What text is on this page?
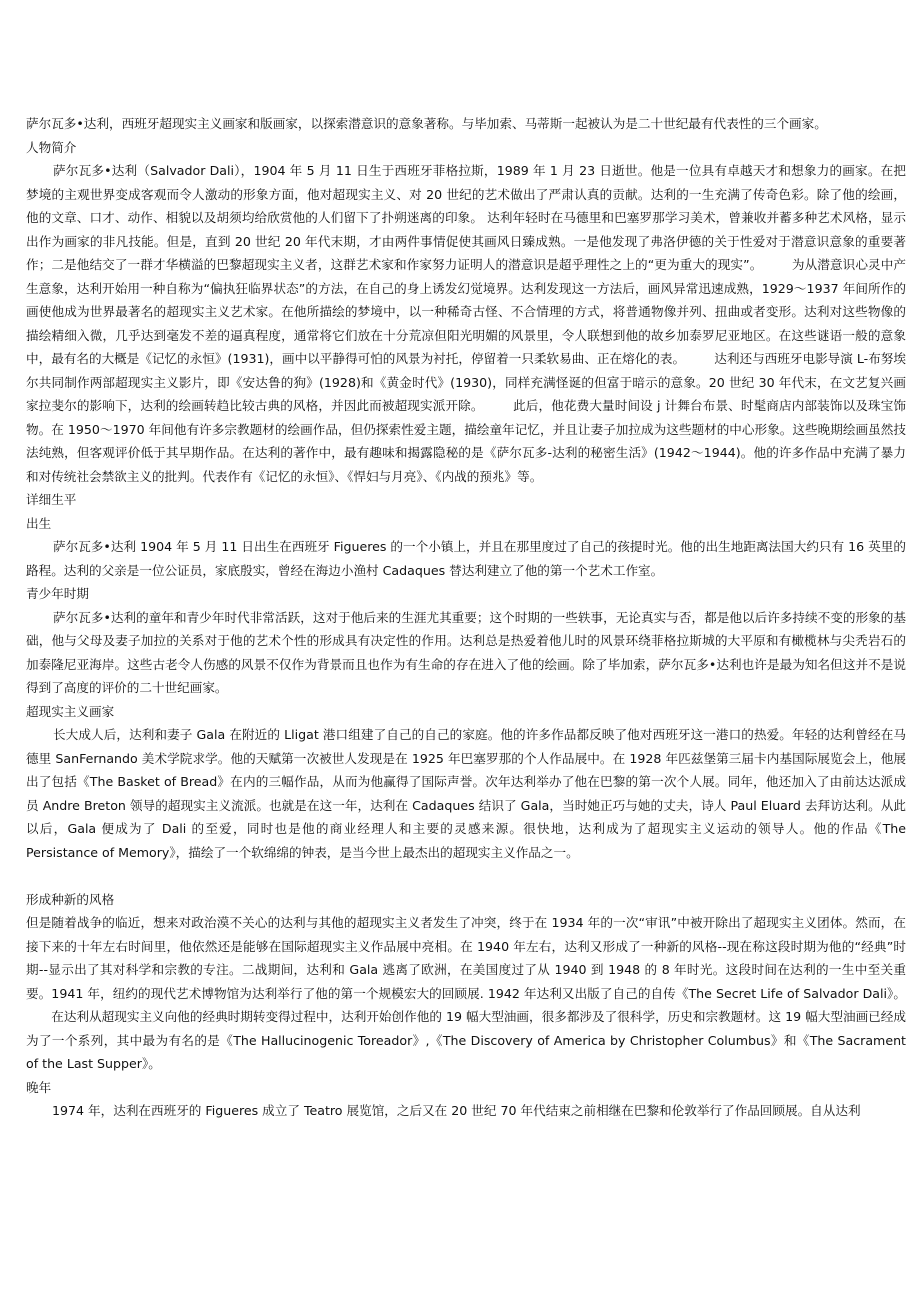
萨尔瓦多•达利，西班牙超现实主义画家和版画家，以探索潜意识的意象著称。与毕加索、马蒂斯一起被认为是二十世纪最有代表性的三个画家。

人物简介

萨尔瓦多•达利（Salvador Dali），1904 年 5 月 11 日生于西班牙菲格拉斯，1989 年 1 月 23 日逝世。他是一位具有卓越天才和想象力的画家。在把梦境的主观世界变成客观而令人激动的形象方面，他对超现实主义、对 20 世纪的艺术做出了严肃认真的贡献。达利的一生充满了传奇色彩。除了他的绘画，他的文章、口才、动作、相貌以及胡须均给欣赏他的人们留下了扑朔迷离的印象。 达利年轻时在马德里和巴塞罗那学习美术，曾兼收并蓄多种艺术风格，显示出作为画家的非凡技能。但是，直到 20 世纪 20 年代末期，才由两件事情促使其画风日臻成熟。一是他发现了弗洛伊德的关于性爱对于潜意识意象的重要著作；二是他结交了一群才华横溢的巴黎超现实主义者，这群艺术家和作家努力证明人的潜意识是超乎理性之上的“更为重大的现实”。 　　为从潜意识心灵中产生意象，达利开始用一种自称为“偏执狂临界状态”的方法，在自己的身上诱发幻觉境界。达利发现这一方法后，画风异常迅速成熟，1929～1937 年间所作的画使他成为世界最著名的超现实主义艺术家。在他所描绘的梦境中，以一种稀奇古怪、不合情理的方式，将普通物像并列、扭曲或者变形。达利对这些物像的描绘精细入微，几乎达到毫发不差的逼真程度，通常将它们放在十分荒凉但阳光明媚的风景里，令人联想到他的故乡加泰罗尼亚地区。在这些谜语一般的意象中，最有名的大概是《记忆的永恒》(1931)，画中以平静得可怕的风景为衬托，停留着一只柔软易曲、正在熔化的表。 　　达利还与西班牙电影导演 L-布努埃尔共同制作两部超现实主义影片，即《安达鲁的狗》(1928)和《黄金时代》(1930)，同样充满怪诞的但富于暗示的意象。20 世纪 30 年代末，在文艺复兴画家拉斐尔的影响下，达利的绘画转趋比较古典的风格，并因此而被超现实派开除。 　　此后，他花费大量时间设 j 计舞台布景、时髦商店内部装饰以及珠宝饰物。在 1950～1970 年间他有许多宗教题材的绘画作品，但仍探索性爱主题，描绘童年记忆，并且让妻子加拉成为这些题材的中心形象。这些晚期绘画虽然技法纯熟，但客观评价低于其早期作品。在达利的著作中，最有趣味和揭露隐秘的是《萨尔瓦多-达利的秘密生活》(1942～1944)。他的许多作品中充满了暴力和对传统社会禁欲主义的批判。代表作有《记忆的永恒》、《悍妇与月亮》、《内战的预兆》等。

详细生平

出生

萨尔瓦多•达利 1904 年 5 月 11 日出生在西班牙 Figueres 的一个小镇上，并且在那里度过了自己的孩提时光。他的出生地距离法国大约只有 16 英里的路程。达利的父亲是一位公证员，家底殷实，曾经在海边小渔村 Cadaques 替达利建立了他的第一个艺术工作室。

青少年时期

萨尔瓦多•达利的童年和青少年时代非常活跃，这对于他后来的生涯尤其重要；这个时期的一些轶事，无论真实与否，都是他以后许多持续不变的形象的基础，他与父母及妻子加拉的关系对于他的艺术个性的形成具有决定性的作用。达利总是热爱着他儿时的风景环绕菲格拉斯城的大平原和有橄榄林与尖秃岩石的加泰隆尼亚海岸。这些古老令人伤感的风景不仅作为背景而且也作为有生命的存在进入了他的绘画。除了毕加索，萨尔瓦多•达利也许是最为知名但这并不是说得到了高度的评价的二十世纪画家。

超现实主义画家

长大成人后，达利和妻子 Gala 在附近的 Lligat 港口组建了自己的自己的家庭。他的许多作品都反映了他对西班牙这一港口的热爱。年轻的达利曾经在马德里 SanFernando 美术学院求学。他的天赋第一次被世人发现是在 1925 年巴塞罗那的个人作品展中。在 1928 年匹兹堡第三届卡内基国际展览会上，他展出了包括《The Basket of Bread》在内的三幅作品，从而为他赢得了国际声誉。次年达利举办了他在巴黎的第一次个人展。同年，他还加入了由前达达派成员 Andre Breton 领导的超现实主义流派。也就是在这一年，达利在 Cadaques 结识了 Gala，当时她正巧与她的丈夫，诗人 Paul Eluard 去拜访达利。从此以后，Gala 便成为了 Dali 的至爱，同时也是他的商业经理人和主要的灵感来源。很快地，达利成为了超现实主义运动的领导人。他的作品《The Persistance of Memory》，描绘了一个软绵绵的钟表，是当今世上最杰出的超现实主义作品之一。

形成种新的风格

但是随着战争的临近，想来对政治漠不关心的达利与其他的超现实主义者发生了冲突，终于在 1934 年的一次“审讯”中被开除出了超现实主义团体。然而，在接下来的十年左右时间里，他依然还是能够在国际超现实主义作品展中亮相。在 1940 年左右，达利又形成了一种新的风格--现在称这段时期为他的“经典”时期--显示出了其对科学和宗教的专注。二战期间，达利和 Gala 逃离了欧洲，在美国度过了从 1940 到 1948 的 8 年时光。这段时间在达利的一生中至关重要。1941 年，纽约的现代艺术博物馆为达利举行了他的第一个规模宏大的回顾展. 1942 年达利又出版了自己的自传《The Secret Life of Salvador Dali》。 　　在达利从超现实主义向他的经典时期转变得过程中，达利开始创作他的 19 幅大型油画，很多都涉及了很科学，历史和宗教题材。这 19 幅大型油画已经成为了一个系列，其中最为有名的是《The Hallucinogenic Toreador》,《The Discovery of America by Christopher Columbus》和《The Sacrament of the Last Supper》。

晚年

1974 年，达利在西班牙的 Figueres 成立了 Teatro 展览馆，之后又在 20 世纪 70 年代结束之前相继在巴黎和伦敦举行了作品回顾展。自从达利
